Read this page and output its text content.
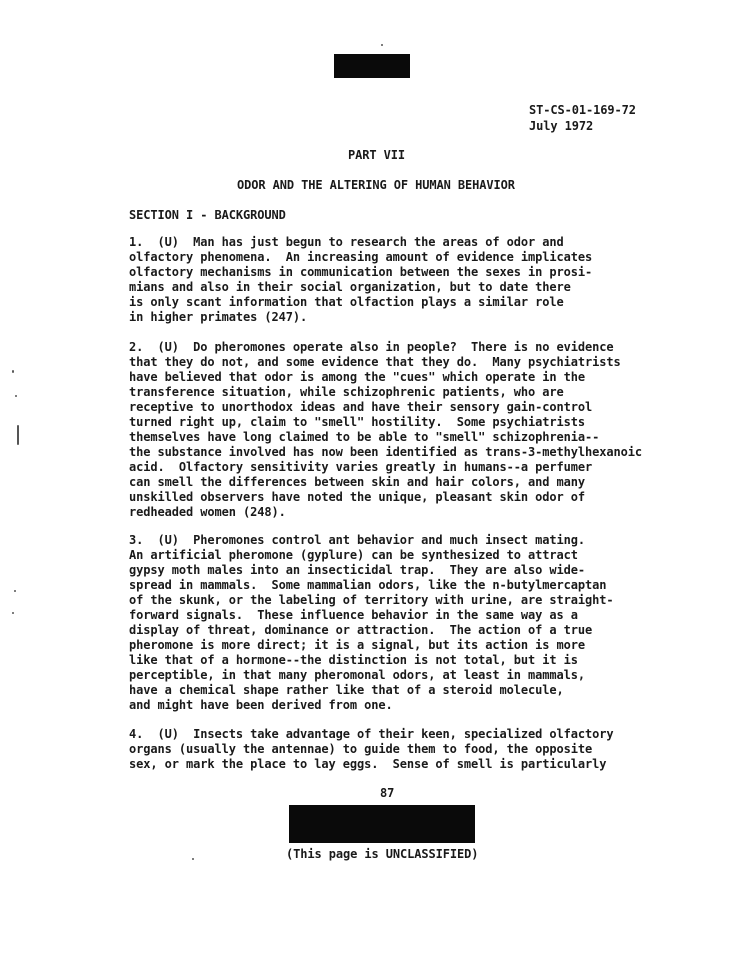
ST-CS-01-169-72
July 1972
PART VII
ODOR AND THE ALTERING OF HUMAN BEHAVIOR
SECTION I - BACKGROUND
1.  (U)  Man has just begun to research the areas of odor and
olfactory phenomena.  An increasing amount of evidence implicates
olfactory mechanisms in communication between the sexes in prosi-
mians and also in their social organization, but to date there
is only scant information that olfaction plays a similar role
in higher primates (247).
2.  (U)  Do pheromones operate also in people?  There is no evidence
that they do not, and some evidence that they do.  Many psychiatrists
have believed that odor is among the "cues" which operate in the
transference situation, while schizophrenic patients, who are
receptive to unorthodox ideas and have their sensory gain-control
turned right up, claim to "smell" hostility.  Some psychiatrists
themselves have long claimed to be able to "smell" schizophrenia--
the substance involved has now been identified as trans-3-methylhexanoic
acid.  Olfactory sensitivity varies greatly in humans--a perfumer
can smell the differences between skin and hair colors, and many
unskilled observers have noted the unique, pleasant skin odor of
redheaded women (248).
3.  (U)  Pheromones control ant behavior and much insect mating.
An artificial pheromone (gyplure) can be synthesized to attract
gypsy moth males into an insecticidal trap.  They are also wide-
spread in mammals.  Some mammalian odors, like the n-butylmercaptan
of the skunk, or the labeling of territory with urine, are straight-
forward signals.  These influence behavior in the same way as a
display of threat, dominance or attraction.  The action of a true
pheromone is more direct; it is a signal, but its action is more
like that of a hormone--the distinction is not total, but it is
perceptible, in that many pheromonal odors, at least in mammals,
have a chemical shape rather like that of a steroid molecule,
and might have been derived from one.
4.  (U)  Insects take advantage of their keen, specialized olfactory
organs (usually the antennae) to guide them to food, the opposite
sex, or mark the place to lay eggs.  Sense of smell is particularly
87
(This page is UNCLASSIFIED)
